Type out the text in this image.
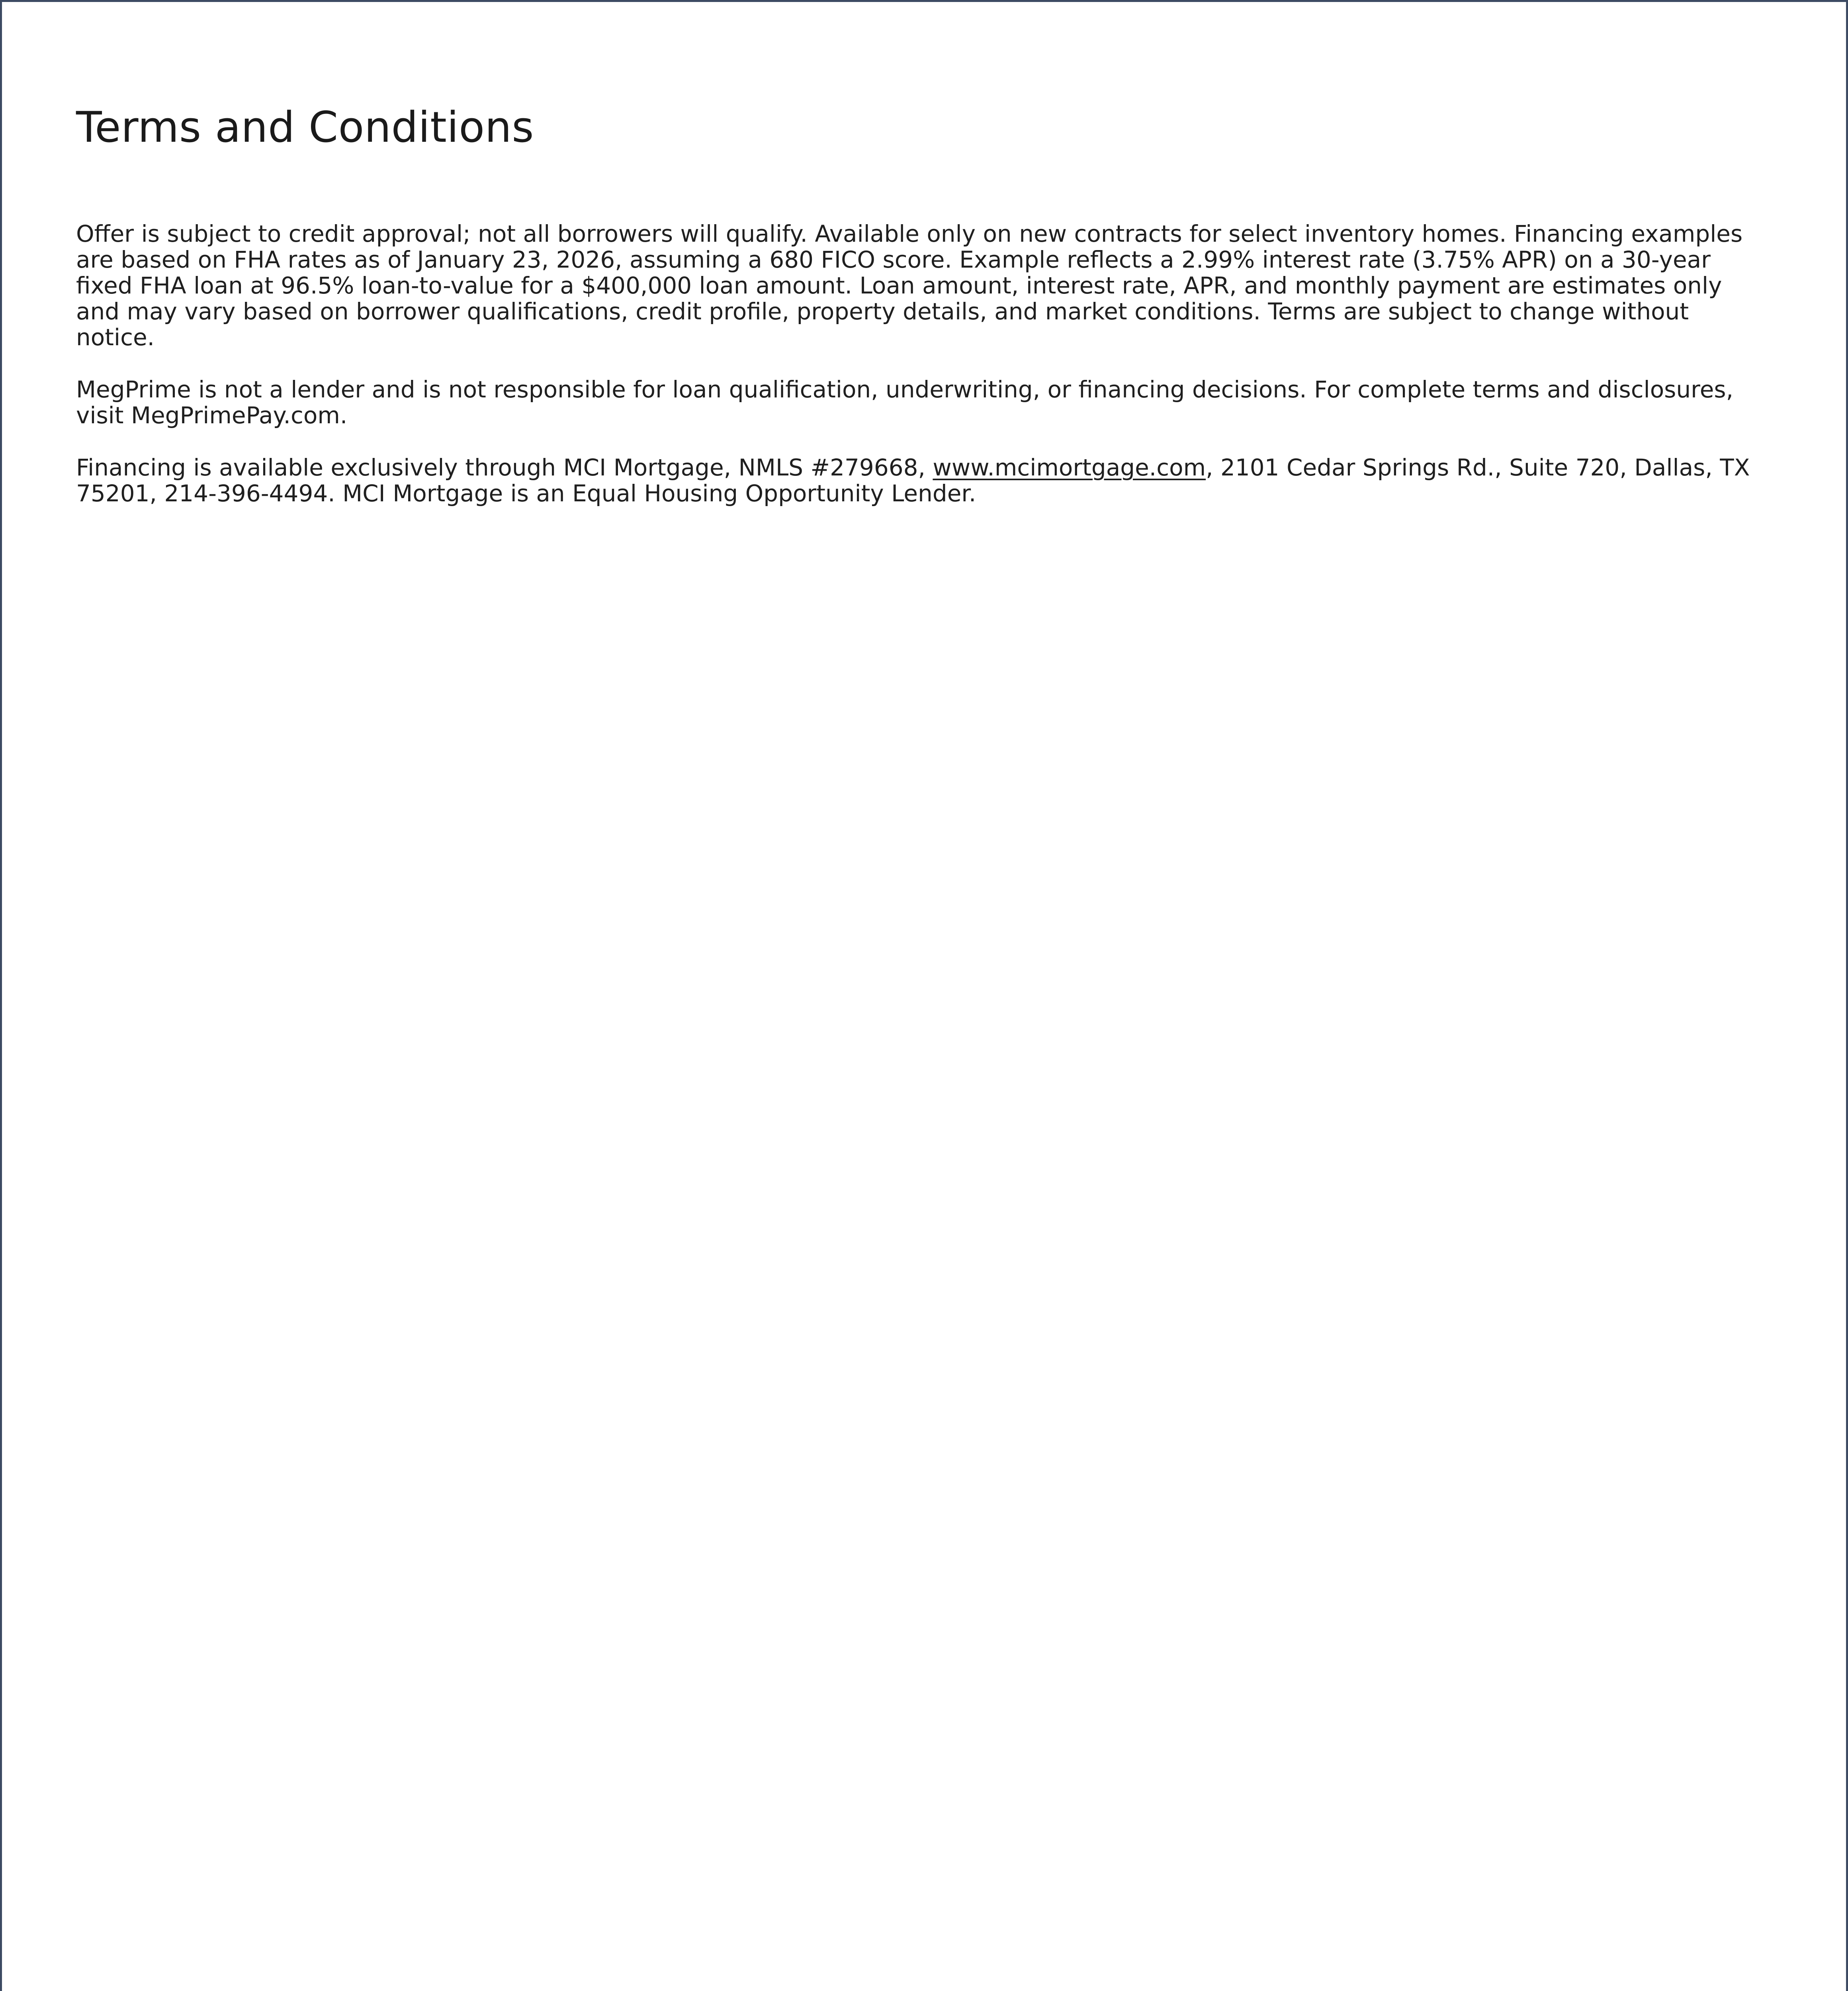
Terms and Conditions

Offer is subject to credit approval; not all borrowers will qualify. Available only on new contracts for select inventory homes. Financing examples are based on FHA rates as of January 23, 2026, assuming a 680 FICO score. Example reflects a 2.99% interest rate (3.75% APR) on a 30-year fixed FHA loan at 96.5% loan-to-value for a $400,000 loan amount. Loan amount, interest rate, APR, and monthly payment are estimates only and may vary based on borrower qualifications, credit profile, property details, and market conditions. Terms are subject to change without notice.

MegPrime is not a lender and is not responsible for loan qualification, underwriting, or financing decisions. For complete terms and disclosures, visit MegPrimePay.com.

Financing is available exclusively through MCI Mortgage, NMLS #279668, www.mcimortgage.com, 2101 Cedar Springs Rd., Suite 720, Dallas, TX 75201, 214-396-4494. MCI Mortgage is an Equal Housing Opportunity Lender.
